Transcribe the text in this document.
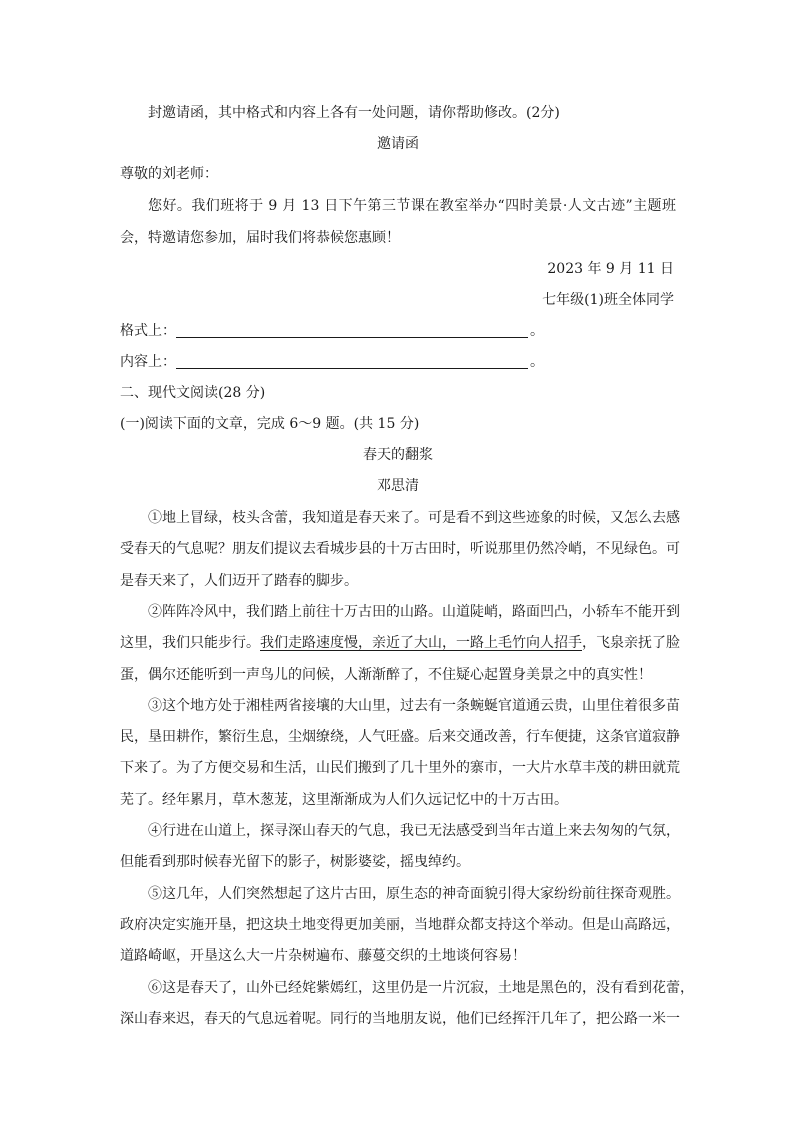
封邀请函，其中格式和内容上各有一处问题，请你帮助修改。(2分)
邀请函
尊敬的刘老师：
您好。我们班将于 9 月 13 日下午第三节课在教室举办“四时美景·人文古迹”主题班
会，特邀请您参加，届时我们将恭候您惠顾！
2023 年 9 月 11 日
七年级(1)班全体同学
格式上：	。
内容上：	。
二、现代文阅读(28 分)
(一)阅读下面的文章，完成 6～9 题。(共 15 分)
春天的翻浆
邓思清
①地上冒绿，枝头含蕾，我知道是春天来了。可是看不到这些迹象的时候，又怎么去感
受春天的气息呢？朋友们提议去看城步县的十万古田时，听说那里仍然冷峭，不见绿色。可
是春天来了，人们迈开了踏春的脚步。
②阵阵冷风中，我们踏上前往十万古田的山路。山道陡峭，路面凹凸，小轿车不能开到
这里，我们只能步行。我们走路速度慢，亲近了大山，一路上毛竹向人招手，飞泉亲抚了脸
蛋，偶尔还能听到一声鸟儿的问候，人渐渐醉了，不住疑心起置身美景之中的真实性！
③这个地方处于湘桂两省接壤的大山里，过去有一条蜿蜒官道通云贵，山里住着很多苗
民，垦田耕作，繁衍生息，尘烟缭绕，人气旺盛。后来交通改善，行车便捷，这条官道寂静
下来了。为了方便交易和生活，山民们搬到了几十里外的寨市，一大片水草丰茂的耕田就荒
芜了。经年累月，草木葱茏，这里渐渐成为人们久远记忆中的十万古田。
④行进在山道上，探寻深山春天的气息，我已无法感受到当年古道上来去匆匆的气氛，
但能看到那时候春光留下的影子，树影婆娑，摇曳绰约。
⑤这几年，人们突然想起了这片古田，原生态的神奇面貌引得大家纷纷前往探奇观胜。
政府决定实施开垦，把这块土地变得更加美丽，当地群众都支持这个举动。但是山高路远，
道路崎岖，开垦这么大一片杂树遍布、藤蔓交织的土地谈何容易！
⑥这是春天了，山外已经姹紫嫣红，这里仍是一片沉寂，土地是黑色的，没有看到花蕾，
深山春来迟，春天的气息远着呢。同行的当地朋友说，他们已经挥汗几年了，把公路一米一
